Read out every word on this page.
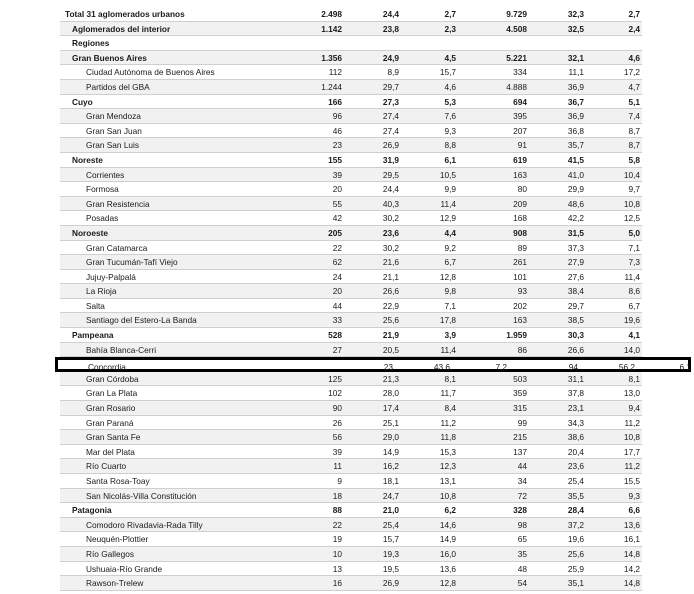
Total 31 aglomerados urbanos	2.498	24,4	2,7	9.729	32,3	2,7
Aglomerados del interior	1.142	23,8	2,3	4.508	32,5	2,4
Regiones
Gran Buenos Aires	1.356	24,9	4,5	5.221	32,1	4,6
Ciudad Autónoma de Buenos Aires	112	8,9	15,7	334	11,1	17,2
Partidos del GBA	1.244	29,7	4,6	4.888	36,9	4,7
Cuyo	166	27,3	5,3	694	36,7	5,1
Gran Mendoza	96	27,4	7,6	395	36,9	7,4
Gran San Juan	46	27,4	9,3	207	36,8	8,7
Gran San Luis	23	26,9	8,8	91	35,7	8,7
Noreste	155	31,9	6,1	619	41,5	5,8
Corrientes	39	29,5	10,5	163	41,0	10,4
Formosa	20	24,4	9,9	80	29,9	9,7
Gran Resistencia	55	40,3	11,4	209	48,6	10,8
Posadas	42	30,2	12,9	168	42,2	12,5
Noroeste	205	23,6	4,4	908	31,5	5,0
Gran Catamarca	22	30,2	9,2	89	37,3	7,1
Gran Tucumán-Tafí Viejo	62	21,6	6,7	261	27,9	7,3
Jujuy-Palpalá	24	21,1	12,8	101	27,6	11,4
La Rioja	20	26,6	9,8	93	38,4	8,6
Salta	44	22,9	7,1	202	29,7	6,7
Santiago del Estero-La Banda	33	25,6	17,8	163	38,5	19,6
Pampeana	528	21,9	3,9	1.959	30,3	4,1
Bahía Blanca-Cerri	27	20,5	11,4	86	26,6	14,0
Concordia	23	43,6	7,2	94	56,2	6,1
Gran Córdoba	125	21,3	8,1	503	31,1	8,1
Gran La Plata	102	28,0	11,7	359	37,8	13,0
Gran Rosario	90	17,4	8,4	315	23,1	9,4
Gran Paraná	26	25,1	11,2	99	34,3	11,2
Gran Santa Fe	56	29,0	11,8	215	38,6	10,8
Mar del Plata	39	14,9	15,3	137	20,4	17,7
Río Cuarto	11	16,2	12,3	44	23,6	11,2
Santa Rosa-Toay	9	18,1	13,1	34	25,4	15,5
San Nicolás-Villa Constitución	18	24,7	10,8	72	35,5	9,3
Patagonia	88	21,0	6,2	328	28,4	6,6
Comodoro Rivadavia-Rada Tilly	22	25,4	14,6	98	37,2	13,6
Neuquén-Plottier	19	15,7	14,9	65	19,6	16,1
Río Gallegos	10	19,3	16,0	35	25,6	14,8
Ushuaia-Río Grande	13	19,5	13,6	48	25,9	14,2
Rawson-Trelew	16	26,9	12,8	54	35,1	14,8
